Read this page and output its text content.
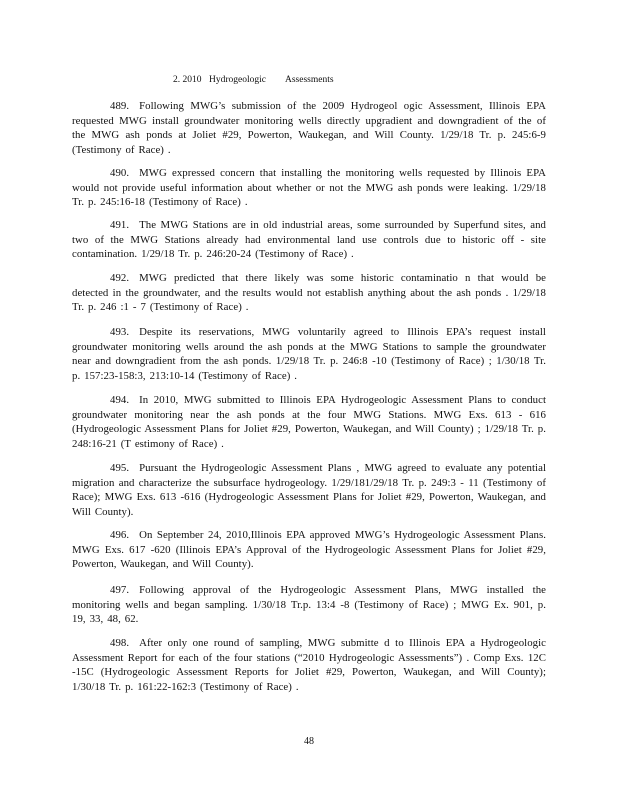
2. 2010 Hydrogeologic Assessments

489. Following MWG’s submission of the 2009 Hydrogeol ogic Assessment, Illinois EPA requested MWG install groundwater monitoring wells directly upgradient and downgradient of the of the MWG ash ponds at Joliet #29, Powerton, Waukegan, and Will County. 1/29/18 Tr. p. 245:6-9 (Testimony of Race) .

490. MWG expressed concern that installing the monitoring wells requested by Illinois EPA would not provide useful information about whether or not the MWG ash ponds were leaking. 1/29/18 Tr. p. 245:16-18 (Testimony of Race) .

491. The MWG Stations are in old industrial areas, some surrounded by Superfund sites, and two of the MWG Stations already had environmental land use controls due to historic off - site contamination. 1/29/18 Tr. p. 246:20-24 (Testimony of Race) .

492. MWG predicted that there likely was some historic contaminatio n that would be detected in the groundwater, and the results would not establish anything about the ash ponds . 1/29/18 Tr. p. 246 :1 - 7 (Testimony of Race) .

493. Despite its reservations, MWG voluntarily agreed to Illinois EPA’s request install groundwater monitoring wells around the ash ponds at the MWG Stations to sample the groundwater near and downgradient from the ash ponds. 1/29/18 Tr. p. 246:8 -10 (Testimony of Race) ; 1/30/18 Tr. p. 157:23-158:3, 213:10-14 (Testimony of Race) .

494. In 2010, MWG submitted to Illinois EPA Hydrogeologic Assessment Plans to conduct groundwater monitoring near the ash ponds at the four MWG Stations. MWG Exs. 613 - 616 (Hydrogeologic Assessment Plans for Joliet #29, Powerton, Waukegan, and Will County) ; 1/29/18 Tr. p. 248:16-21 (T estimony of Race) .

495. Pursuant the Hydrogeologic Assessment Plans , MWG agreed to evaluate any potential migration and characterize the subsurface hydrogeology. 1/29/181/29/18 Tr. p. 249:3 - 11 (Testimony of Race); MWG Exs. 613 -616 (Hydrogeologic Assessment Plans for Joliet #29, Powerton, Waukegan, and Will County).

496. On September 24, 2010,Illinois EPA approved MWG’s Hydrogeologic Assessment Plans. MWG Exs. 617 -620 (Illinois EPA’s Approval of the Hydrogeologic Assessment Plans for Joliet #29, Powerton, Waukegan, and Will County).

497. Following approval of the Hydrogeologic Assessment Plans, MWG installed the monitoring wells and began sampling. 1/30/18 Tr.p. 13:4 -8 (Testimony of Race) ; MWG Ex. 901, p. 19, 33, 48, 62.

498. After only one round of sampling, MWG submitte d to Illinois EPA a Hydrogeologic Assessment Report for each of the four stations (“2010 Hydrogeologic Assessments”) . Comp Exs. 12C -15C (Hydrogeologic Assessment Reports for Joliet #29, Powerton, Waukegan, and Will County); 1/30/18 Tr. p. 161:22-162:3 (Testimony of Race) .

48
